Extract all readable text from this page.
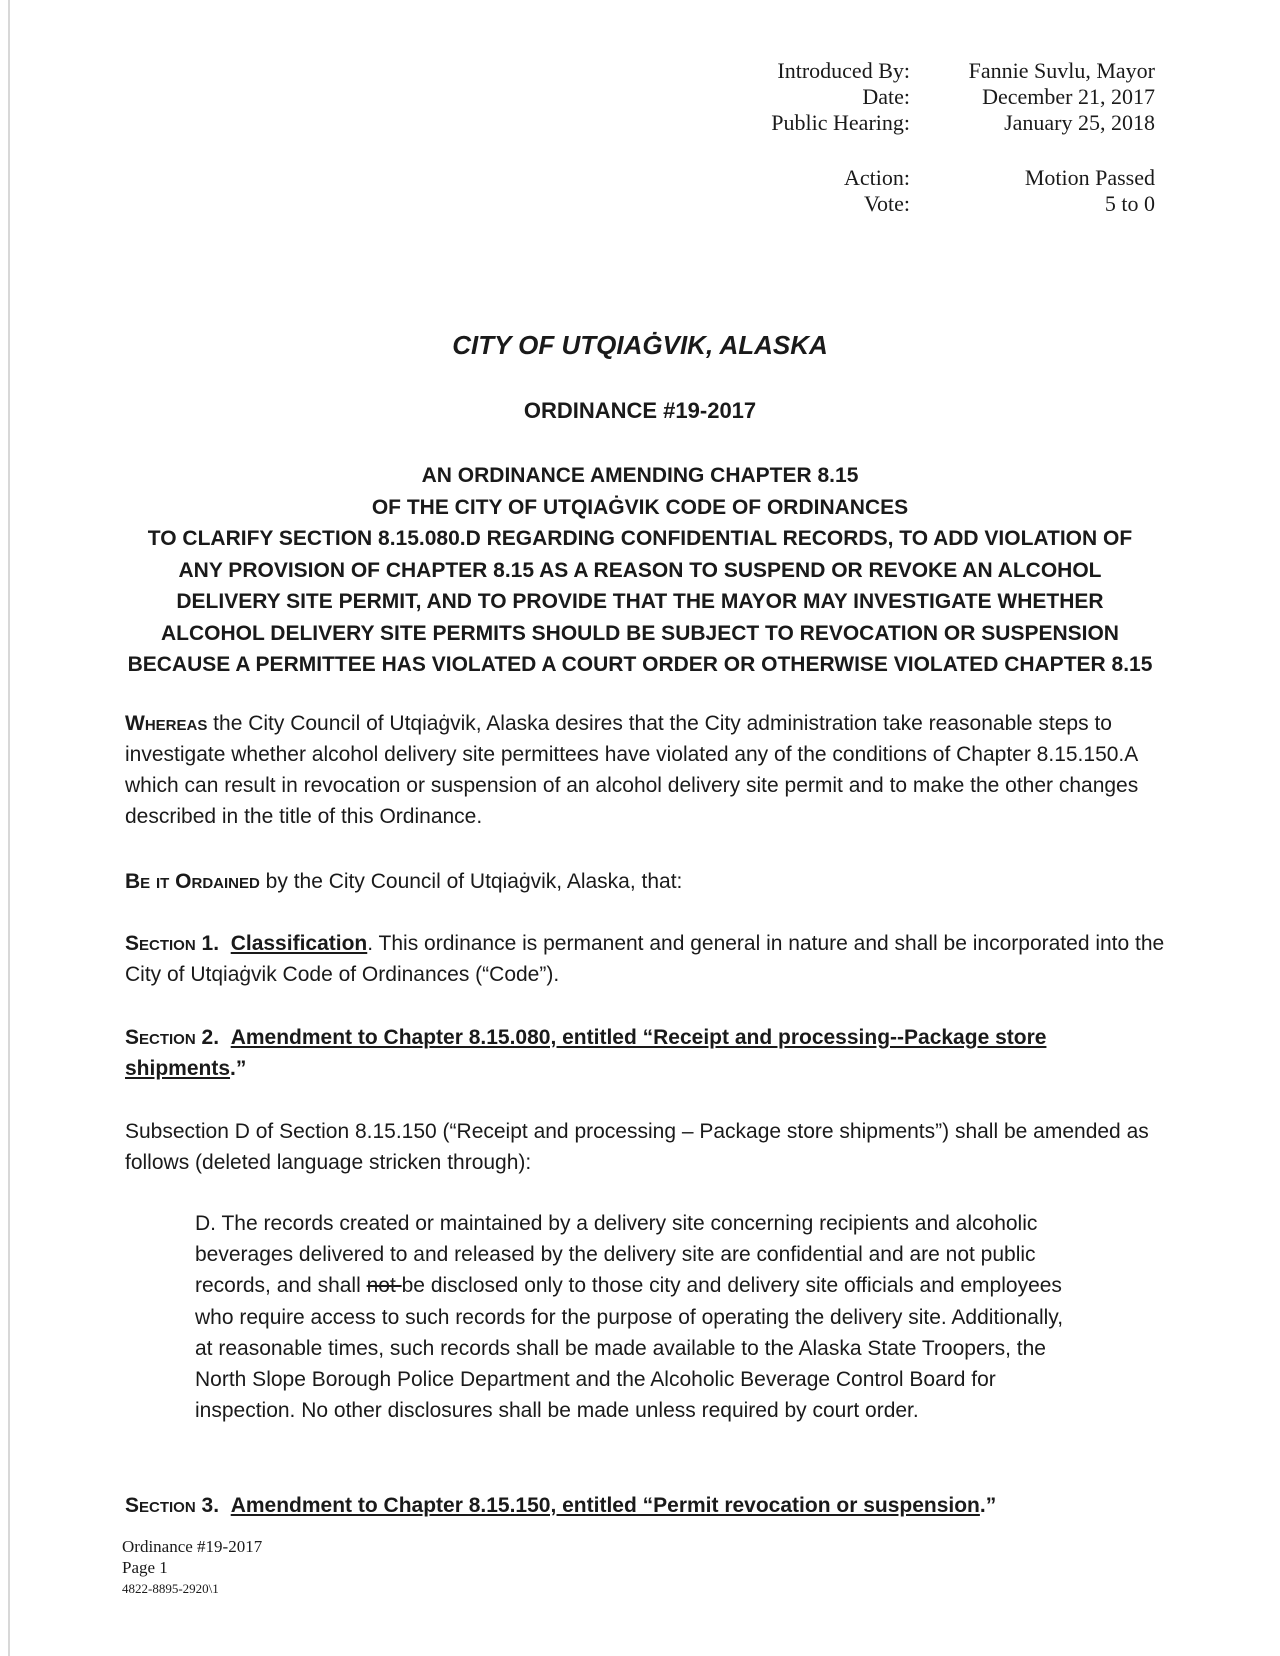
Introduced By:
Date:
Public Hearing:
Fannie Suvlu, Mayor
December 21, 2017
January 25, 2018
Action:
Vote:
Motion Passed
5 to 0
CITY OF UTQIAĠVIK, ALASKA
ORDINANCE #19-2017
AN ORDINANCE AMENDING CHAPTER 8.15
OF THE CITY OF UTQIAĠVIK CODE OF ORDINANCES
TO CLARIFY SECTION 8.15.080.D REGARDING CONFIDENTIAL RECORDS, TO ADD VIOLATION OF
ANY PROVISION OF CHAPTER 8.15 AS A REASON TO SUSPEND OR REVOKE AN ALCOHOL
DELIVERY SITE PERMIT, AND TO PROVIDE THAT THE MAYOR MAY INVESTIGATE WHETHER
ALCOHOL DELIVERY SITE PERMITS SHOULD BE SUBJECT TO REVOCATION OR SUSPENSION
BECAUSE A PERMITTEE HAS VIOLATED A COURT ORDER OR OTHERWISE VIOLATED CHAPTER 8.15
Whereas the City Council of Utqiaġvik, Alaska desires that the City administration take reasonable steps to investigate whether alcohol delivery site permittees have violated any of the conditions of Chapter 8.15.150.A which can result in revocation or suspension of an alcohol delivery site permit and to make the other changes described in the title of this Ordinance.
Be it Ordained by the City Council of Utqiaġvik, Alaska, that:
Section 1. Classification. This ordinance is permanent and general in nature and shall be incorporated into the City of Utqiaġvik Code of Ordinances (“Code”).
Section 2. Amendment to Chapter 8.15.080, entitled “Receipt and processing--Package store shipments.”
Subsection D of Section 8.15.150 (“Receipt and processing – Package store shipments”) shall be amended as follows (deleted language stricken through):
D. The records created or maintained by a delivery site concerning recipients and alcoholic beverages delivered to and released by the delivery site are confidential and are not public records, and shall not be disclosed only to those city and delivery site officials and employees who require access to such records for the purpose of operating the delivery site. Additionally, at reasonable times, such records shall be made available to the Alaska State Troopers, the North Slope Borough Police Department and the Alcoholic Beverage Control Board for inspection. No other disclosures shall be made unless required by court order.
Section 3. Amendment to Chapter 8.15.150, entitled “Permit revocation or suspension.”
Ordinance #19-2017
Page 1
4822-8895-2920\1
